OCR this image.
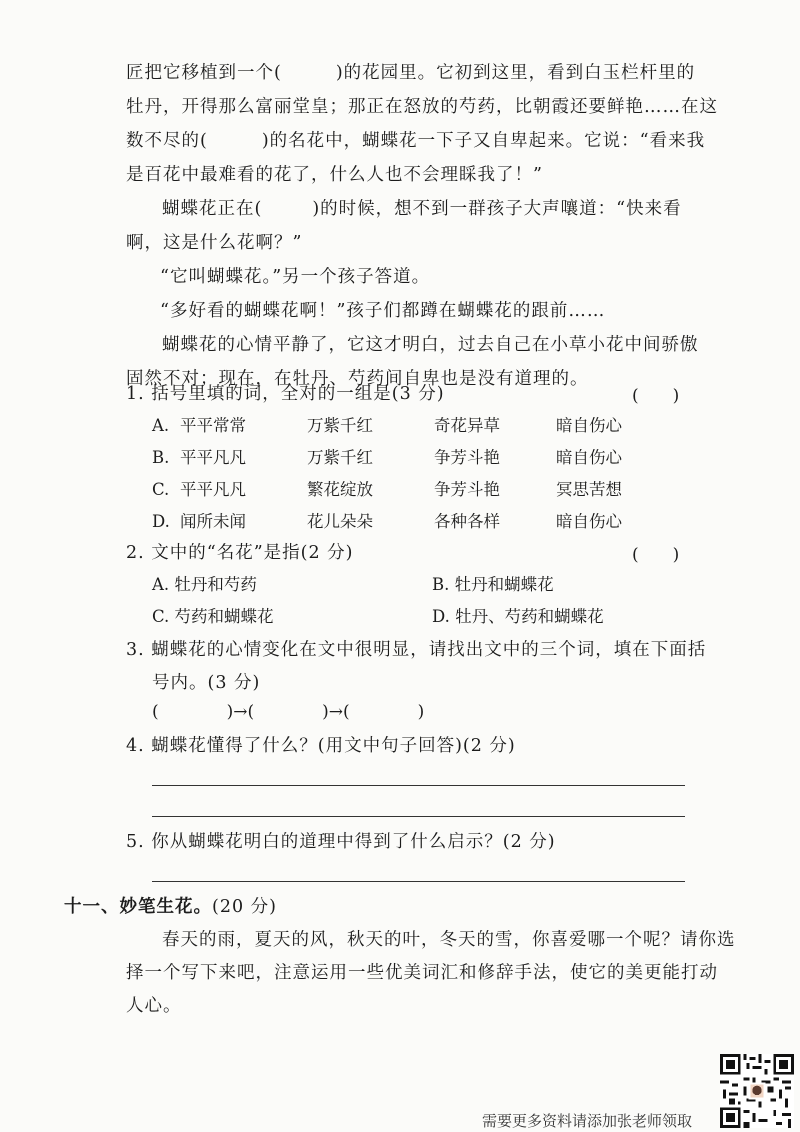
匠把它移植到一个(	)的花园里。它初到这里，看到白玉栏杆里的
牡丹，开得那么富丽堂皇；那正在怒放的芍药，比朝霞还要鲜艳……在这
数不尽的(	)的名花中，蝴蝶花一下子又自卑起来。它说：“看来我
是百花中最难看的花了，什么人也不会理睬我了！”
蝴蝶花正在(	)的时候，想不到一群孩子大声嚷道：“快来看
啊，这是什么花啊？”
“它叫蝴蝶花。”另一个孩子答道。
“多好看的蝴蝶花啊！”孩子们都蹲在蝴蝶花的跟前……
蝴蝶花的心情平静了，它这才明白，过去自己在小草小花中间骄傲
固然不对；现在，在牡丹、芍药间自卑也是没有道理的。
1. 括号里填的词，全对的一组是(3 分)	(　　)
A. 平平常常	万紫千红	奇花异草	暗自伤心
B. 平平凡凡	万紫千红	争芳斗艳	暗自伤心
C. 平平凡凡	繁花绽放	争芳斗艳	冥思苦想
D. 闻所未闻	花儿朵朵	各种各样	暗自伤心
2. 文中的“名花”是指(2 分)	(　　)
A. 牡丹和芍药	B. 牡丹和蝴蝶花
C. 芍药和蝴蝶花	D. 牡丹、芍药和蝴蝶花
3. 蝴蝶花的心情变化在文中很明显，请找出文中的三个词，填在下面括
号内。(3 分)
(　　　　)→(　　　　)→(　　　　)
4. 蝴蝶花懂得了什么？(用文中句子回答)(2 分)
5. 你从蝴蝶花明白的道理中得到了什么启示？(2 分)
十一、妙笔生花。(20 分)
春天的雨，夏天的风，秋天的叶，冬天的雪，你喜爱哪一个呢？请你选
择一个写下来吧，注意运用一些优美词汇和修辞手法，使它的美更能打动
人心。
需要更多资料请添加张老师领取
